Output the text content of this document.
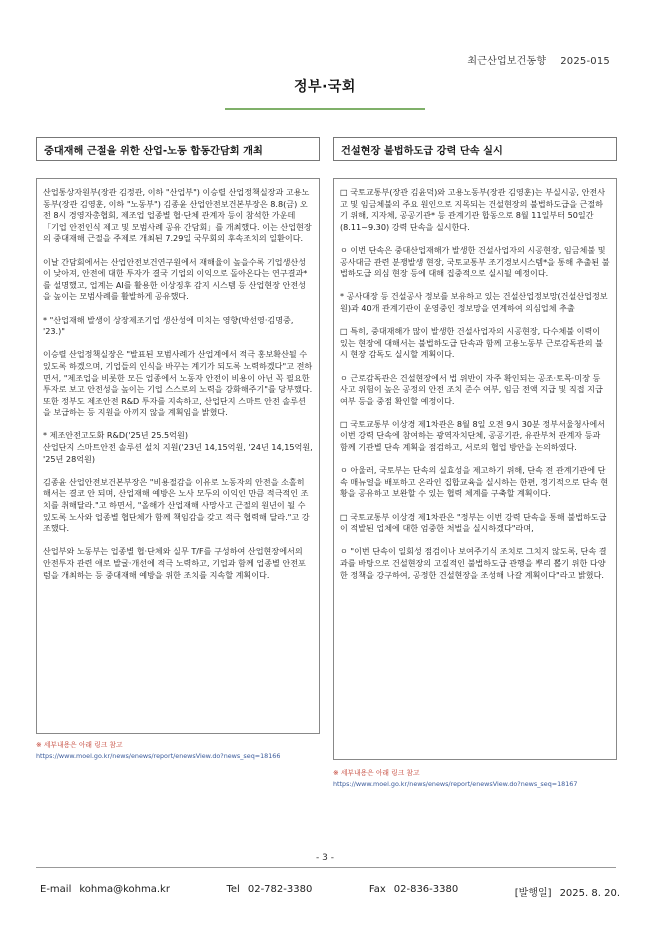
최근산업보건동향 2025-015
정부·국회
중대재해 근절을 위한 산업-노동 합동간담회 개최	건설현장 불법하도급 강력 단속 실시

산업통상자원부(장관 김정관, 이하 "산업부") 이승렬 산업정책실장과 고용노동부(장관 김영훈, 이하 "노동부") 김종윤 산업안전보건본부장은 8.8(금) 오전 8시 경영자총협회, 제조업 업종별 협·단체 관계자 등이 참석한 가운데 「기업 안전인식 제고 및 모범사례 공유 간담회」를 개최했다. 이는 산업현장의 중대재해 근절을 주제로 개최된 7.29일 국무회의 후속조치의 일환이다.

이날 간담회에서는 산업안전보건연구원에서 재해율이 높을수록 기업생산성이 낮아져, 안전에 대한 투자가 결국 기업의 이익으로 돌아온다는 연구결과*를 설명했고, 업계는 AI를 활용한 이상징후 감지 시스템 등 산업현장 안전성을 높이는 모범사례를 활발하게 공유했다.

* "산업재해 발생이 상장제조기업 생산성에 미치는 영향(박선영·김명중, '23.)"

이승렬 산업정책실장은 "발표된 모범사례가 산업계에서 적극 홍보확산될 수 있도록 하겠으며, 기업들의 인식을 바꾸는 계기가 되도록 노력하겠다"고 전하면서, "제조업을 비롯한 모든 업종에서 노동자 안전이 비용이 아닌 꼭 필요한 투자로 보고 안전성을 높이는 기업 스스로의 노력을 강화해주기"를 당부했다. 또한 정부도 제조안전 R&D 투자를 지속하고, 산업단지 스마트 안전 솔루션을 보급하는 등 지원을 아끼지 않을 계획임을 밝혔다.

* 제조안전고도화 R&D('25년 25.5억원)
산업단지 스마트안전 솔루션 설치 지원('23년 14,15억원, '24년 14,15억원, '25년 28억원)

김종윤 산업안전보건본부장은 "비용절감을 이유로 노동자의 안전을 소홀히 해서는 결코 안 되며, 산업재해 예방은 노사 모두의 이익인 만큼 적극적인 조치를 취해달라."고 하면서, "올해가 산업재해 사망사고 근절의 원년이 될 수 있도록 노사와 업종별 협단체가 함께 책임감을 갖고 적극 협력해 달라."고 강조했다.

산업부와 노동부는 업종별 협·단체와 실무 T/F를 구성하여 산업현장에서의 안전투자 관련 애로 발굴·개선에 적극 노력하고, 기업과 함께 업종별 안전포럼을 개최하는 등 중대재해 예방을 위한 조치를 지속할 계획이다.

□ 국토교통부(장관 김윤덕)와 고용노동부(장관 김영훈)는 부실시공, 안전사고 및 임금체불의 주요 원인으로 지목되는 건설현장의 불법하도급을 근절하기 위해, 지자체, 공공기관* 등 관계기관 합동으로 8월 11일부터 50일간(8.11~9.30) 강력 단속을 실시한다.

ㅇ 이번 단속은 중대산업재해가 발생한 건설사업자의 시공현장, 임금체불 및 공사대금 관련 분쟁발생 현장, 국토교통부 조기경보시스템*을 통해 추출된 불법하도급 의심 현장 등에 대해 집중적으로 실시될 예정이다.

* 공사대장 등 건설공사 정보를 보유하고 있는 건설산업정보망(건설산업정보원)과 40개 관계기관이 운영중인 정보망을 연계하여 의심업체 추출

□ 특히, 중대재해가 많이 발생한 건설사업자의 시공현장, 다수체불 이력이 있는 현장에 대해서는 불법하도급 단속과 함께 고용노동부 근로감독관의 불시 현장 감독도 실시할 계획이다.

ㅇ 근로감독관은 건설현장에서 법 위반이 자주 확인되는 공조·토목·미장 등 사고 위험이 높은 공정의 안전 조치 준수 여부, 임금 전액 지급 및 직접 지급 여부 등을 중점 확인할 예정이다.

□ 국토교통부 이상경 제1차관은 8월 8일 오전 9시 30분 정부서울청사에서 이번 강력 단속에 참여하는 광역자치단체, 공공기관, 유관부처 관계자 등과 함께 기관별 단속 계획을 점검하고, 서로의 협업 방안을 논의하였다.

ㅇ 아울러, 국토부는 단속의 실효성을 제고하기 위해, 단속 전 관계기관에 단속 매뉴얼을 배포하고 온라인 집합교육을 실시하는 한편, 정기적으로 단속 현황을 공유하고 보완할 수 있는 협력 체계를 구축할 계획이다.

□ 국토교통부 이상경 제1차관은 "정부는 이번 강력 단속을 통해 불법하도급이 적발된 업체에 대한 엄중한 처벌을 실시하겠다"라며,

ㅇ "이번 단속이 일회성 점검이나 보여주기식 조치로 그치지 않도록, 단속 결과를 바탕으로 건설현장의 고질적인 불법하도급 관행을 뿌리 뽑기 위한 다양한 정책을 강구하여, 공정한 건설현장을 조성해 나갈 계획이다"라고 밝혔다.

※ 세부내용은 아래 링크 참고
https://www.moel.go.kr/news/enews/report/enewsView.do?news_seq=18166
※ 세부내용은 아래 링크 참고
https://www.moel.go.kr/news/enews/report/enewsView.do?news_seq=18167
- 3 -
E-mail kohma@kohma.kr	Tel 02-782-3380	Fax 02-836-3380	[발행일] 2025. 8. 20.
